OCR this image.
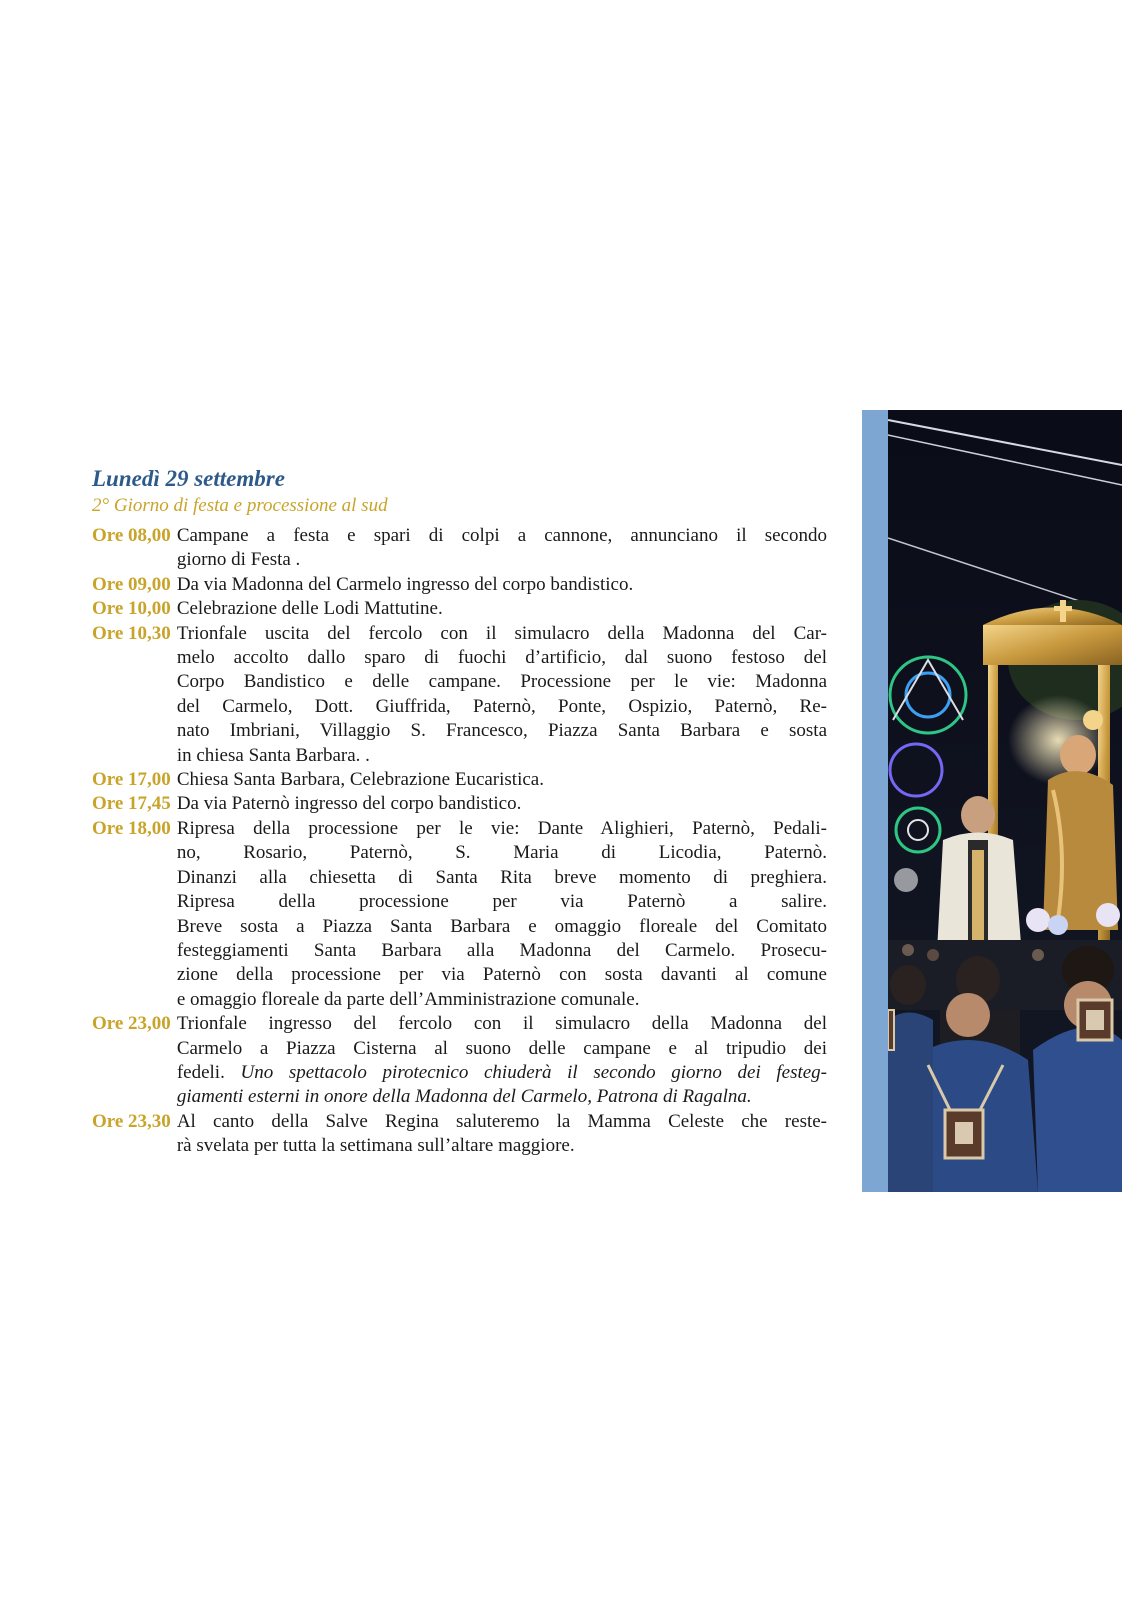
Lunedì 29 settembre
2° Giorno di festa e processione al sud
Ore 08,00 Campane a festa e spari di colpi a cannone, annunciano il secondo
giorno di Festa .
Ore 09,00 Da via Madonna del Carmelo ingresso del corpo bandistico.
Ore 10,00 Celebrazione delle Lodi Mattutine.
Ore 10,30 Trionfale uscita del fercolo con il simulacro della Madonna del Car-
melo accolto dallo sparo di fuochi d’artificio, dal suono festoso del
Corpo Bandistico e delle campane. Processione per le vie: Madonna
del Carmelo, Dott. Giuffrida, Paternò, Ponte, Ospizio, Paternò, Re-
nato Imbriani, Villaggio S. Francesco, Piazza Santa Barbara e sosta
in chiesa Santa Barbara. .
Ore 17,00 Chiesa Santa Barbara, Celebrazione Eucaristica.
Ore 17,45 Da via Paternò ingresso del corpo bandistico.
Ore 18,00 Ripresa della processione per le vie: Dante Alighieri, Paternò, Pedali-
no, Rosario, Paternò, S. Maria di Licodia, Paternò.
Dinanzi alla chiesetta di Santa Rita breve momento di preghiera.
Ripresa della processione per via Paternò a salire.
Breve sosta a Piazza Santa Barbara e omaggio floreale del Comitato
festeggiamenti Santa Barbara alla Madonna del Carmelo. Prosecu-
zione della processione per via Paternò con sosta davanti al comune
e omaggio floreale da parte dell’Amministrazione comunale.
Ore 23,00 Trionfale ingresso del fercolo con il simulacro della Madonna del
Carmelo a Piazza Cisterna al suono delle campane e al tripudio dei
fedeli. Uno spettacolo pirotecnico chiuderà il secondo giorno dei festeg-
giamenti esterni in onore della Madonna del Carmelo, Patrona di Ragalna.
Ore 23,30 Al canto della Salve Regina saluteremo la Mamma Celeste che reste-
rà svelata per tutta la settimana sull’altare maggiore.
